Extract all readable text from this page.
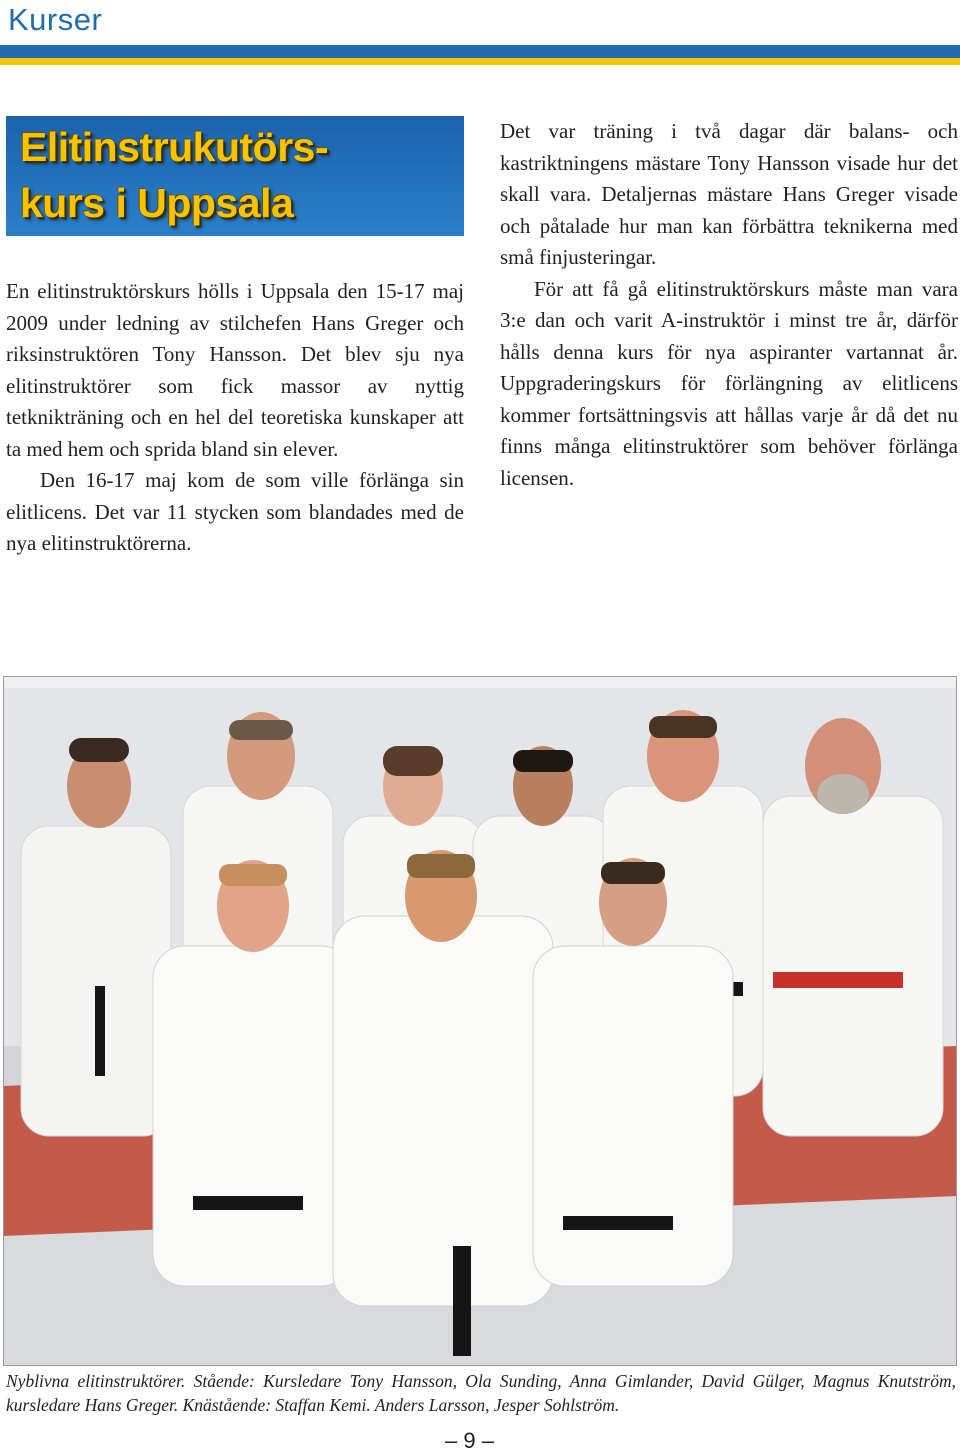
Kurser
Elitinstrukutörs-
kurs i Uppsala

En elitinstruktörskurs hölls i Uppsala den 15-17 maj 2009 under ledning av stilchefen Hans Greger och riksinstruktören Tony Hansson. Det blev sju nya elitinstruktörer som fick massor av nyttig tetknikträning och en hel del teoretiska kunskaper att ta med hem och sprida bland sin elever.

Den 16-17 maj kom de som ville förlänga sin elitlicens. Det var 11 stycken som blandades med de nya elitinstruktörerna.

Det var träning i två dagar där balans- och kastriktningens mästare Tony Hansson visade hur det skall vara. Detaljernas mästare Hans Greger visade och påtalade hur man kan förbättra teknikerna med små finjusteringar.

För att få gå elitinstruktörskurs måste man vara 3:e dan och varit A-instruktör i minst tre år, därför hålls denna kurs för nya aspiranter vartannat år. Uppgraderingskurs för förlängning av elitlicens kommer fortsättningsvis att hållas varje år då det nu finns många elitinstruktörer som behöver förlänga licensen.

Nyblivna elitinstruktörer. Stående: Kursledare Tony Hansson, Ola Sunding, Anna Gimlander, David Gülger, Magnus Knutström, kursledare Hans Greger. Knästående: Staffan Kemi. Anders Larsson, Jesper Sohlström.
– 9 –
